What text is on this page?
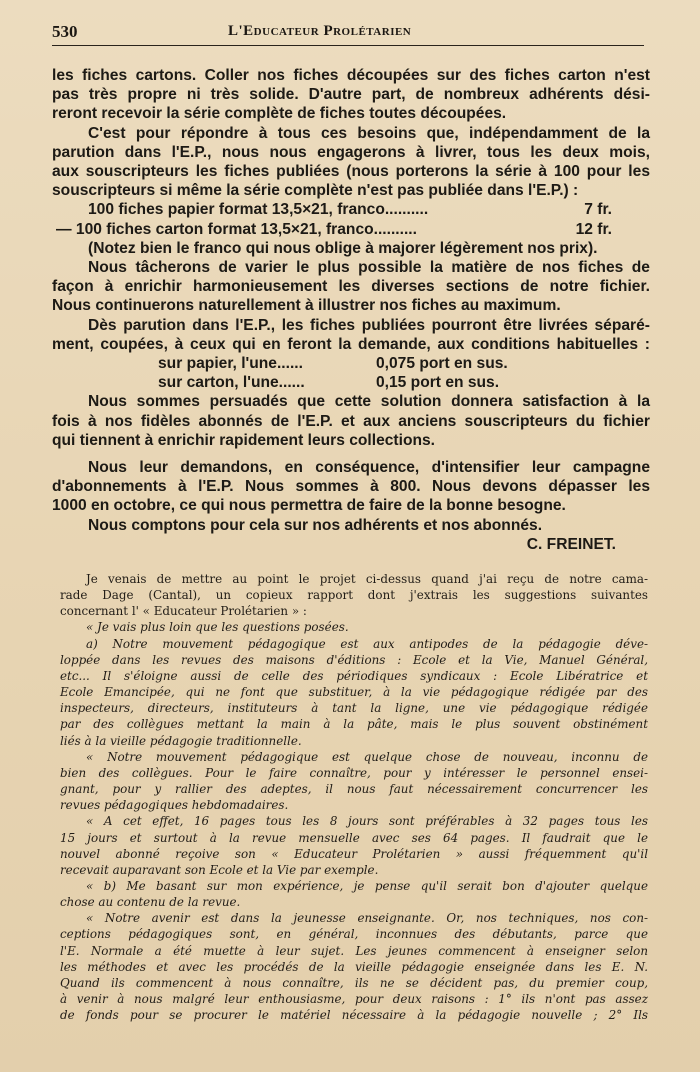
530	L'Educateur Prolétarien

les fiches cartons. Coller nos fiches découpées sur des fiches carton n'est

pas très propre ni très solide. D'autre part, de nombreux adhérents dési-

reront recevoir la série complète de fiches toutes découpées.

C'est pour répondre à tous ces besoins que, indépendamment de la

parution dans l'E.P., nous nous engagerons à livrer, tous les deux mois,

aux souscripteurs les fiches publiées (nous porterons la série à 100 pour les

souscripteurs si même la série complète n'est pas publiée dans l'E.P.) :

100 fiches papier format 13,5×21, franco..........	7 fr.
— 100 fiches carton format 13,5×21, franco..........	12 fr.

(Notez bien le franco qui nous oblige à majorer légèrement nos prix).

Nous tâcherons de varier le plus possible la matière de nos fiches de

façon à enrichir harmonieusement les diverses sections de notre fichier.

Nous continuerons naturellement à illustrer nos fiches au maximum.

Dès parution dans l'E.P., les fiches publiées pourront être livrées séparé-

ment, coupées, à ceux qui en feront la demande, aux conditions habituelles :

sur papier, l'une......	0,075 port en sus.
sur carton, l'une......	0,15 port en sus.

Nous sommes persuadés que cette solution donnera satisfaction à la

fois à nos fidèles abonnés de l'E.P. et aux anciens souscripteurs du fichier

qui tiennent à enrichir rapidement leurs collections.

Nous leur demandons, en conséquence, d'intensifier leur campagne

d'abonnements à l'E.P. Nous sommes à 800. Nous devons dépasser les

1000 en octobre, ce qui nous permettra de faire de la bonne besogne.

Nous comptons pour cela sur nos adhérents et nos abonnés.

C. FREINET.

Je venais de mettre au point le projet ci-dessus quand j'ai reçu de notre cama-

rade Dage (Cantal), un copieux rapport dont j'extrais les suggestions suivantes

concernant l' « Educateur Prolétarien » :

« Je vais plus loin que les questions posées.

a) Notre mouvement pédagogique est aux antipodes de la pédagogie déve-

loppée dans les revues des maisons d'éditions : Ecole et la Vie, Manuel Général,

etc... Il s'éloigne aussi de celle des périodiques syndicaux : Ecole Libératrice et

Ecole Emancipée, qui ne font que substituer, à la vie pédagogique rédigée par des

inspecteurs, directeurs, instituteurs à tant la ligne, une vie pédagogique rédigée

par des collègues mettant la main à la pâte, mais le plus souvent obstinément

liés à la vieille pédagogie traditionnelle.

« Notre mouvement pédagogique est quelque chose de nouveau, inconnu de

bien des collègues. Pour le faire connaître, pour y intéresser le personnel ensei-

gnant, pour y rallier des adeptes, il nous faut nécessairement concurrencer les

revues pédagogiques hebdomadaires.

« A cet effet, 16 pages tous les 8 jours sont préférables à 32 pages tous les

15 jours et surtout à la revue mensuelle avec ses 64 pages. Il faudrait que le

nouvel abonné reçoive son « Educateur Prolétarien » aussi fréquemment qu'il

recevait auparavant son Ecole et la Vie par exemple.

« b) Me basant sur mon expérience, je pense qu'il serait bon d'ajouter quelque

chose au contenu de la revue.

« Notre avenir est dans la jeunesse enseignante. Or, nos techniques, nos con-

ceptions pédagogiques sont, en général, inconnues des débutants, parce que

l'E. Normale a été muette à leur sujet. Les jeunes commencent à enseigner selon

les méthodes et avec les procédés de la vieille pédagogie enseignée dans les E. N.

Quand ils commencent à nous connaître, ils ne se décident pas, du premier coup,

à venir à nous malgré leur enthousiasme, pour deux raisons : 1° ils n'ont pas assez

de fonds pour se procurer le matériel nécessaire à la pédagogie nouvelle ; 2° Ils
